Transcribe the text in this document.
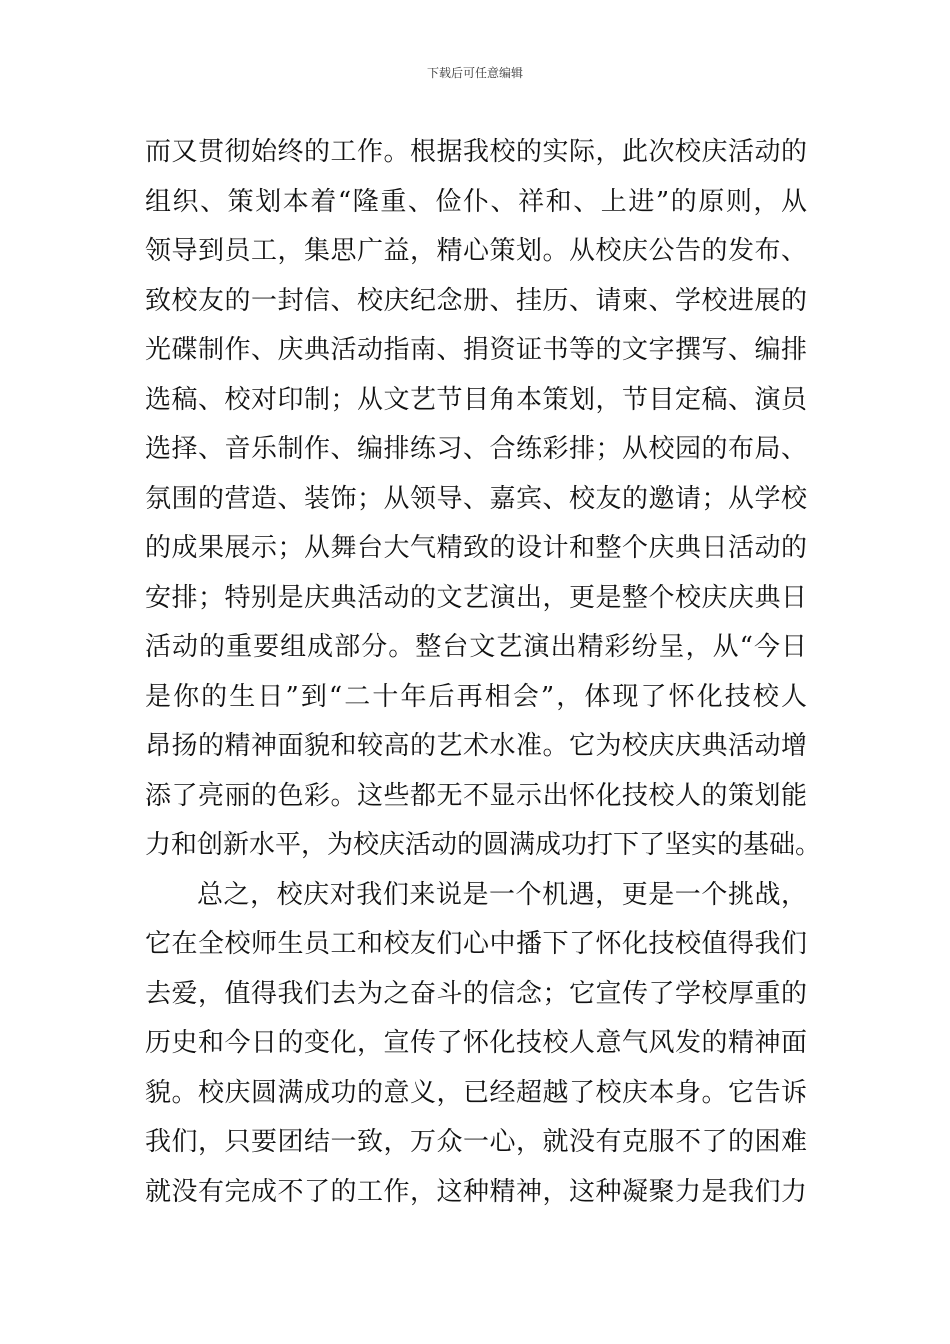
下载后可任意编辑
而又贯彻始终的工作。根据我校的实际，此次校庆活动的
组织、策划本着“隆重、俭仆、祥和、上进”的原则，从
领导到员工，集思广益，精心策划。从校庆公告的发布、
致校友的一封信、校庆纪念册、挂历、请柬、学校进展的
光碟制作、庆典活动指南、捐资证书等的文字撰写、编排
选稿、校对印制；从文艺节目角本策划，节目定稿、演员
选择、音乐制作、编排练习、合练彩排；从校园的布局、
氛围的营造、装饰；从领导、嘉宾、校友的邀请；从学校
的成果展示；从舞台大气精致的设计和整个庆典日活动的
安排；特别是庆典活动的文艺演出，更是整个校庆庆典日
活动的重要组成部分。整台文艺演出精彩纷呈，从“今日
是你的生日”到“二十年后再相会”，体现了怀化技校人
昂扬的精神面貌和较高的艺术水准。它为校庆庆典活动增
添了亮丽的色彩。这些都无不显示出怀化技校人的策划能
力和创新水平，为校庆活动的圆满成功打下了坚实的基础。
总之，校庆对我们来说是一个机遇，更是一个挑战，
它在全校师生员工和校友们心中播下了怀化技校值得我们
去爱，值得我们去为之奋斗的信念；它宣传了学校厚重的
历史和今日的变化，宣传了怀化技校人意气风发的精神面
貌。校庆圆满成功的意义，已经超越了校庆本身。它告诉
我们，只要团结一致，万众一心，就没有克服不了的困难
就没有完成不了的工作，这种精神，这种凝聚力是我们力
